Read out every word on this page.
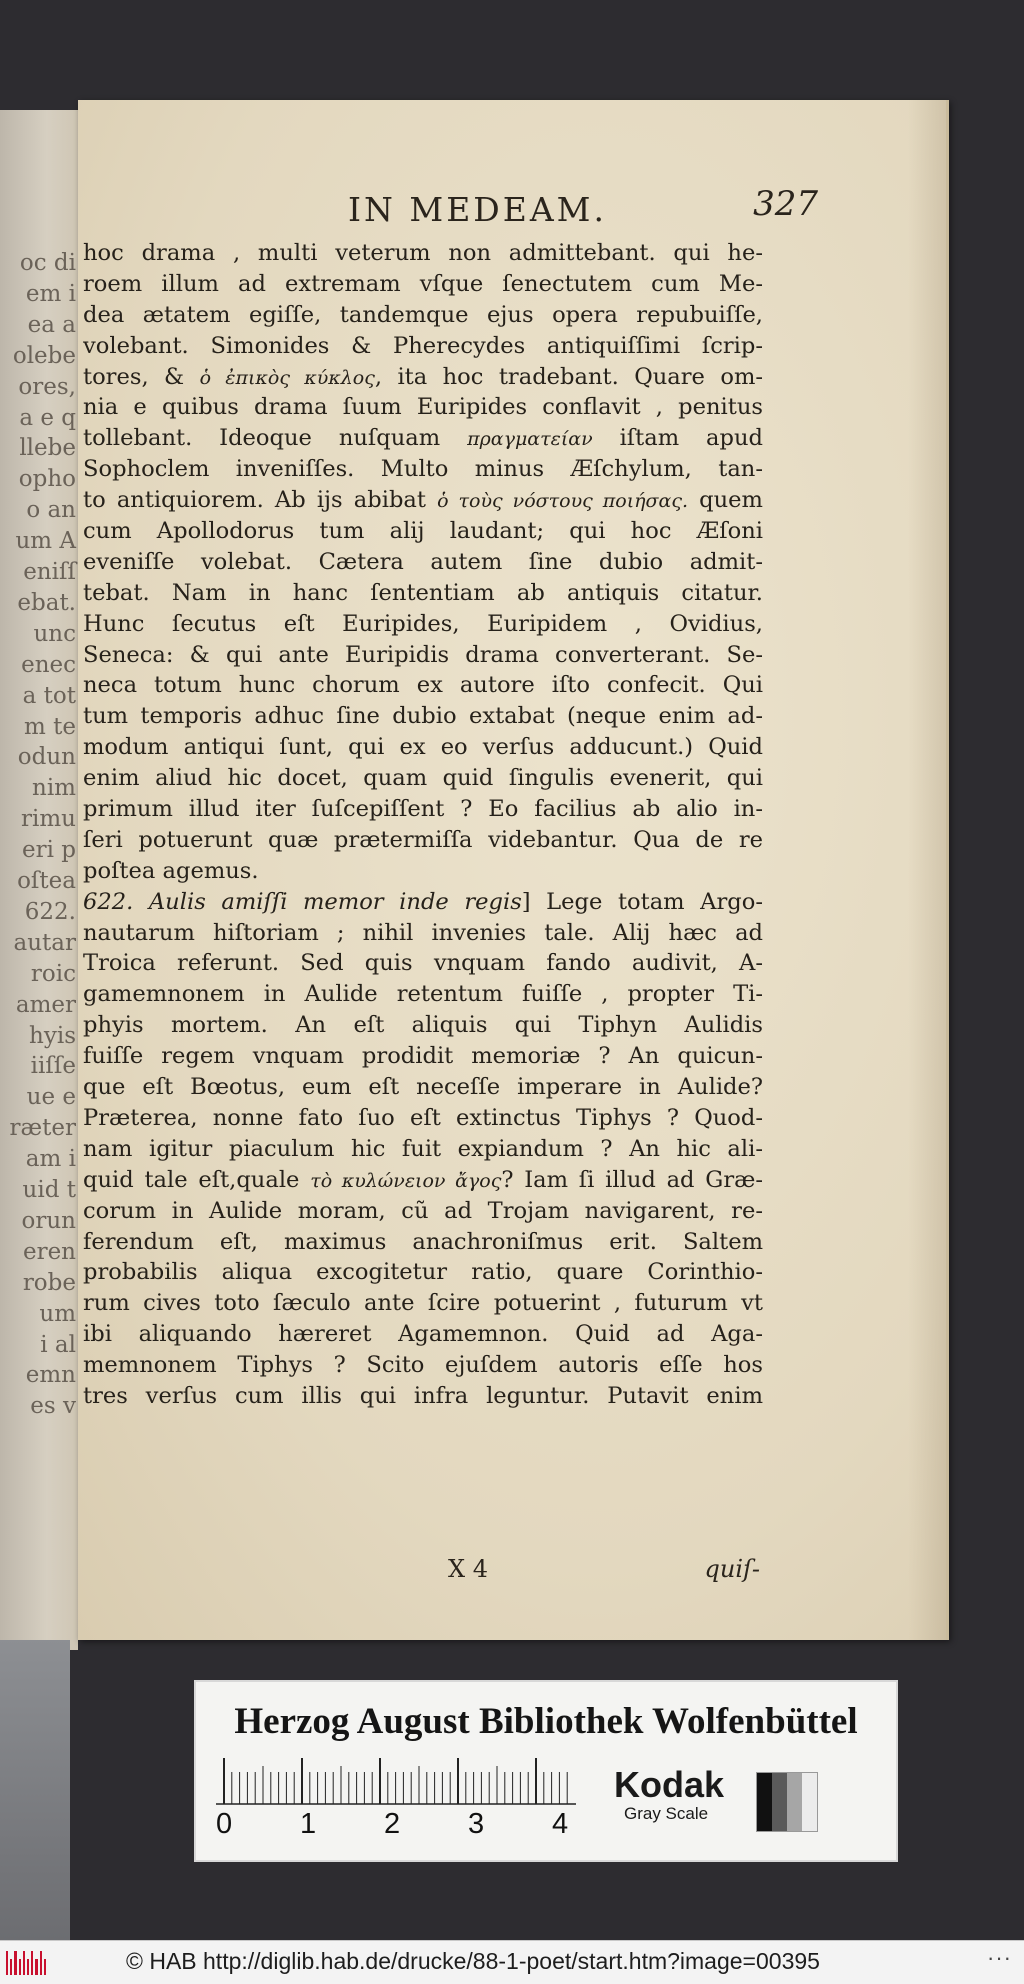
oc di
em i
ea a
olebe
ores,
a e q
llebe
opho
o an
um A
eniſſ
ebat.
unc
enec
a tot
m te
odun
nim
rimu
eri p
oſtea
622.
autar
roic
amer
hyis
iiſſe
ue e
ræter
am i
uid t
orun
eren
robe
um
i al
emn
es v
IN MEDEAM.	327
hoc drama , multi veterum non admittebant. qui he-
roem illum ad extremam vſque ſenectutem cum Me-
dea ætatem egiſſe, tandemque ejus opera repubuiſſe,
volebant. Simonides & Pherecydes antiquiſſimi ſcrip-
tores, & ὁ ἐπικὸς κύκλος, ita hoc tradebant. Quare om-
nia e quibus drama ſuum Euripides conflavit , penitus
tollebant. Ideoque nuſquam πραγματείαν iſtam apud
Sophoclem inveniſſes. Multo minus Æſchylum, tan-
to antiquiorem. Ab ijs abibat ὁ τοὺς νόστους ποιήσας. quem
cum Apollodorus tum alij laudant; qui hoc Æſoni
eveniſſe volebat. Cætera autem ſine dubio admit-
tebat. Nam in hanc ſententiam ab antiquis citatur.
Hunc ſecutus eſt Euripides, Euripidem , Ovidius,
Seneca: & qui ante Euripidis drama converterant. Se-
neca totum hunc chorum ex autore iſto confecit. Qui
tum temporis adhuc ſine dubio extabat (neque enim ad-
modum antiqui ſunt, qui ex eo verſus adducunt.) Quid
enim aliud hic docet, quam quid ſingulis evenerit, qui
primum illud iter ſuſcepiſſent ? Eo facilius ab alio in-
ſeri potuerunt quæ prætermiſſa videbantur. Qua de re
poſtea agemus.
622. Aulis amiſſi memor inde regis] Lege totam Argo-
nautarum hiſtoriam ; nihil invenies tale. Alij hæc ad
Troica referunt. Sed quis vnquam fando audivit, A-
gamemnonem in Aulide retentum fuiſſe , propter Ti-
phyis mortem. An eſt aliquis qui Tiphyn Aulidis
fuiſſe regem vnquam prodidit memoriæ ? An quicun-
que eſt Bœotus, eum eſt neceſſe imperare in Aulide?
Præterea, nonne fato ſuo eſt extinctus Tiphys ? Quod-
nam igitur piaculum hic fuit expiandum ? An hic ali-
quid tale eſt,quale τὸ κυλώνειον ἄγος? Iam ſi illud ad Græ-
corum in Aulide moram, cũ ad Trojam navigarent, re-
ferendum eſt, maximus anachroniſmus erit. Saltem
probabilis aliqua excogitetur ratio, quare Corinthio-
rum cives toto ſæculo ante ſcire potuerint , futurum vt
ibi aliquando hæreret Agamemnon. Quid ad Aga-
memnonem Tiphys ? Scito ejuſdem autoris eſſe hos
tres verſus cum illis qui infra leguntur. Putavit enim
X 4	quiſ-
Herzog August Bibliothek Wolfenbüttel
Kodak
Gray Scale
0 1 2 3 4
© HAB http://diglib.hab.de/drucke/88-1-poet/start.htm?image=00395	···
